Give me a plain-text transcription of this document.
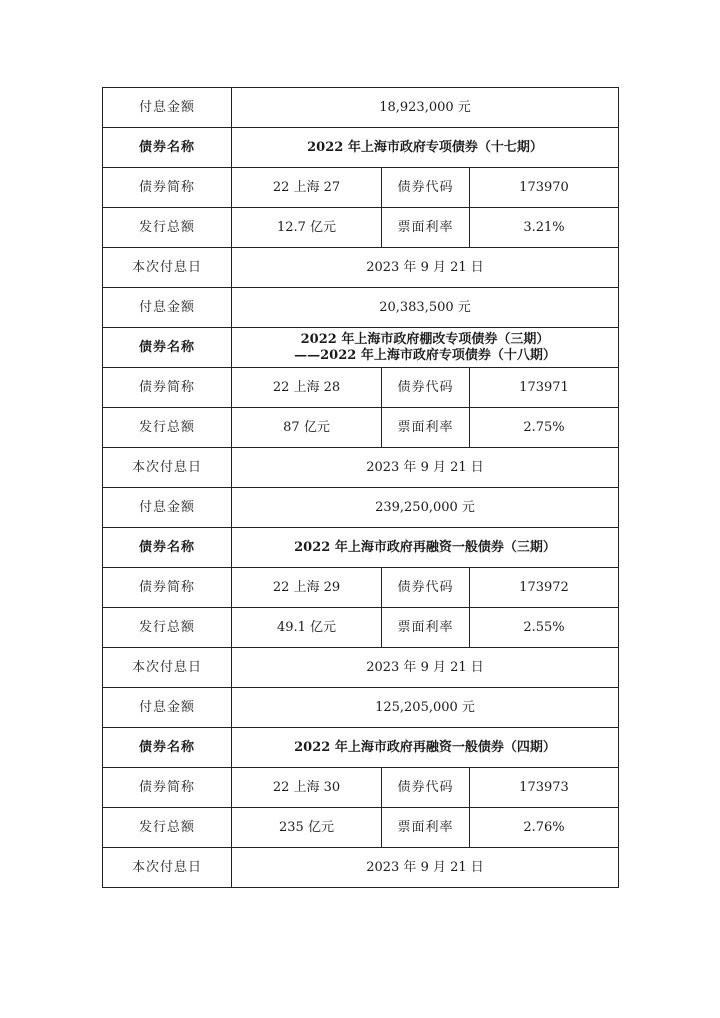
付息金额	18,923,000 元		
债券名称	2022 年上海市政府专项债券（十七期）		
债券简称	22 上海 27	债券代码	173970
发行总额	12.7 亿元	票面利率	3.21%
本次付息日	2023 年 9 月 21 日		
付息金额	20,383,500 元		
债券名称	2022 年上海市政府棚改专项债券（三期）
——2022 年上海市政府专项债券（十八期）		

债券简称	22 上海 28	债券代码	173971
发行总额	87 亿元	票面利率	2.75%
本次付息日	2023 年 9 月 21 日		
付息金额	239,250,000 元		
债券名称	2022 年上海市政府再融资一般债券（三期）		
债券简称	22 上海 29	债券代码	173972
发行总额	49.1 亿元	票面利率	2.55%
本次付息日	2023 年 9 月 21 日		
付息金额	125,205,000 元		
债券名称	2022 年上海市政府再融资一般债券（四期）		
债券简称	22 上海 30	债券代码	173973
发行总额	235 亿元	票面利率	2.76%
本次付息日	2023 年 9 月 21 日		
